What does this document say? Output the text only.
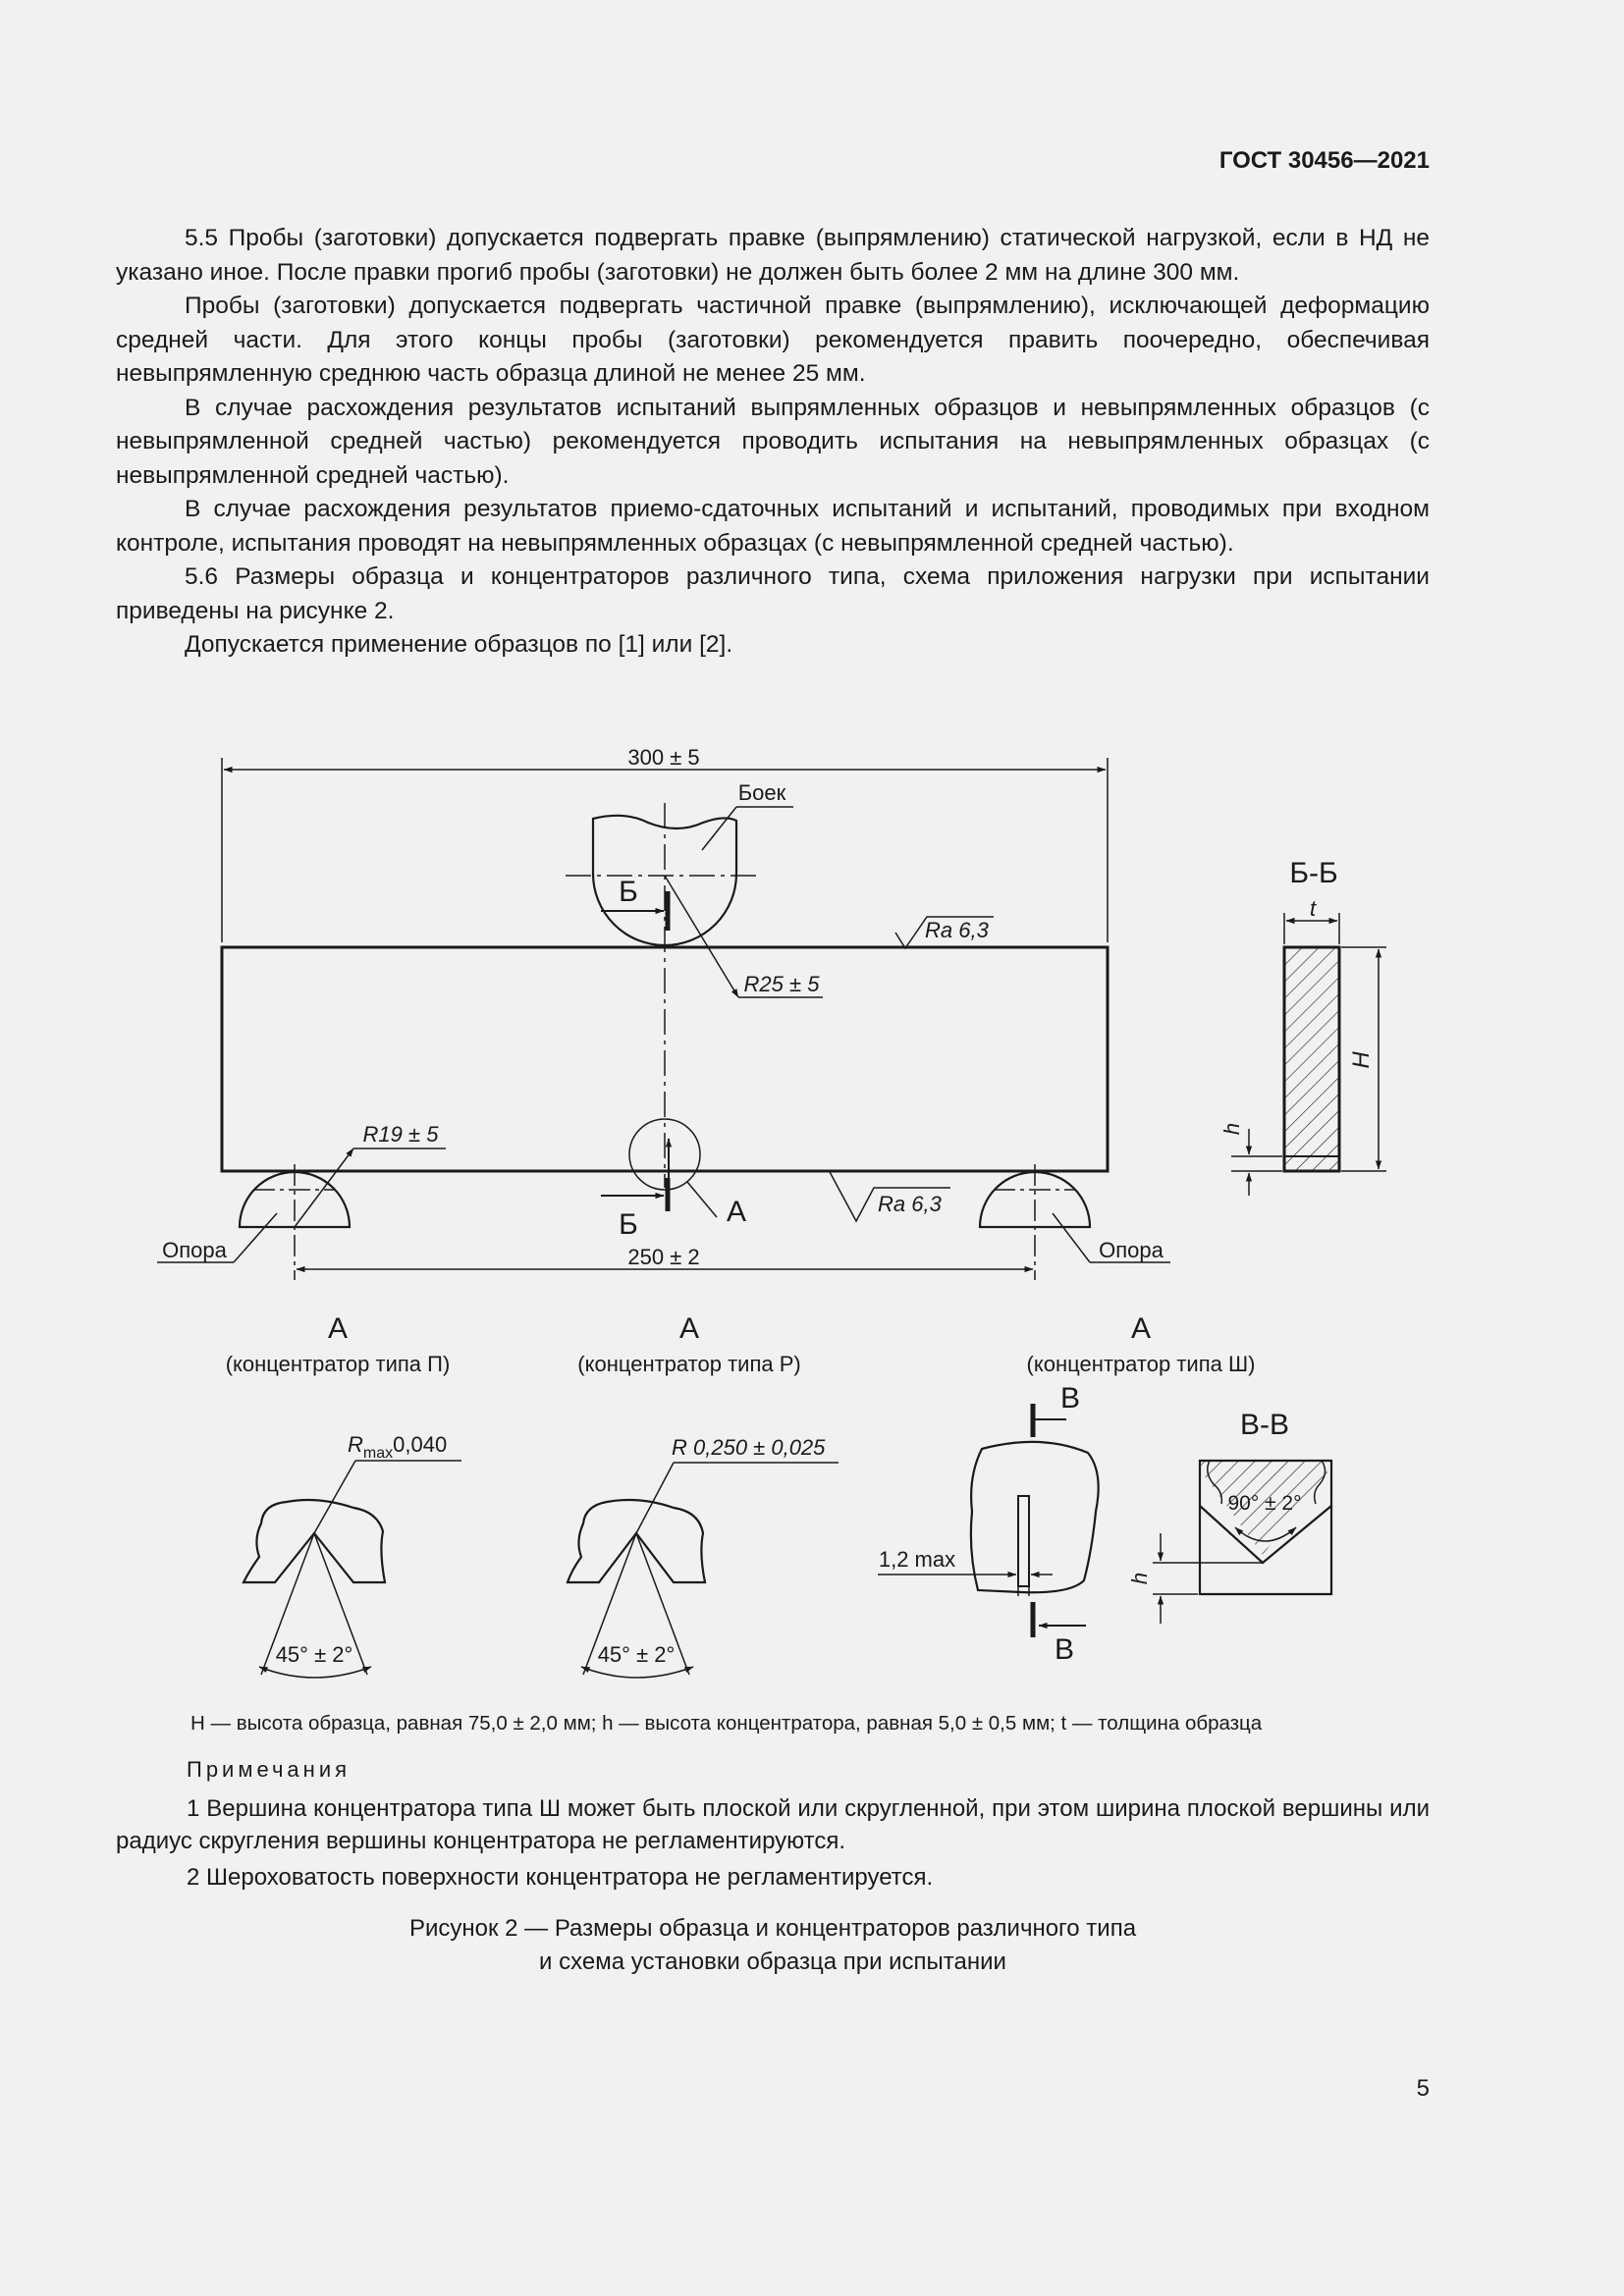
ГОСТ 30456—2021

5.5 Пробы (заготовки) допускается подвергать правке (выпрямлению) статической нагрузкой, если в НД не указано иное. После правки прогиб пробы (заготовки) не должен быть более 2 мм на длине 300 мм.

Пробы (заготовки) допускается подвергать частичной правке (выпрямлению), исключающей деформацию средней части. Для этого концы пробы (заготовки) рекомендуется править поочередно, обеспечивая невыпрямленную среднюю часть образца длиной не менее 25 мм.

В случае расхождения результатов испытаний выпрямленных образцов и невыпрямленных образцов (с невыпрямленной средней частью) рекомендуется проводить испытания на невыпрямленных образцах (с невыпрямленной средней частью).

В случае расхождения результатов приемо-сдаточных испытаний и испытаний, проводимых при входном контроле, испытания проводят на невыпрямленных образцах (с невыпрямленной средней частью).

5.6 Размеры образца и концентраторов различного типа, схема приложения нагрузки при испытании приведены на рисунке 2.

Допускается применение образцов по [1] или [2].

300 ± 5
Боек
Б
Ra 6,3
R25 ± 5
Б-Б
t
H
h
R19 ± 5
Б	А	Ra 6,3
Опора	Опора
250 ± 2
А
(концентратор типа П)
А
(концентратор типа Р)
А
(концентратор типа Ш)
$R_{max}0,040$
45° ± 2°
R 0,250 ± 0,025
45° ± 2°
В
В
1,2 max
В-В
90° ± 2°
h
H — высота образца, равная 75,0 ± 2,0 мм; h — высота концентратора, равная 5,0 ± 0,5 мм; t — толщина образца
Примечания

1 Вершина концентратора типа Ш может быть плоской или скругленной, при этом ширина плоской вершины или радиус скругления вершины концентратора не регламентируются.

2 Шероховатость поверхности концентратора не регламентируется.

Рисунок 2 — Размеры образца и концентраторов различного типа
и схема установки образца при испытании
5
